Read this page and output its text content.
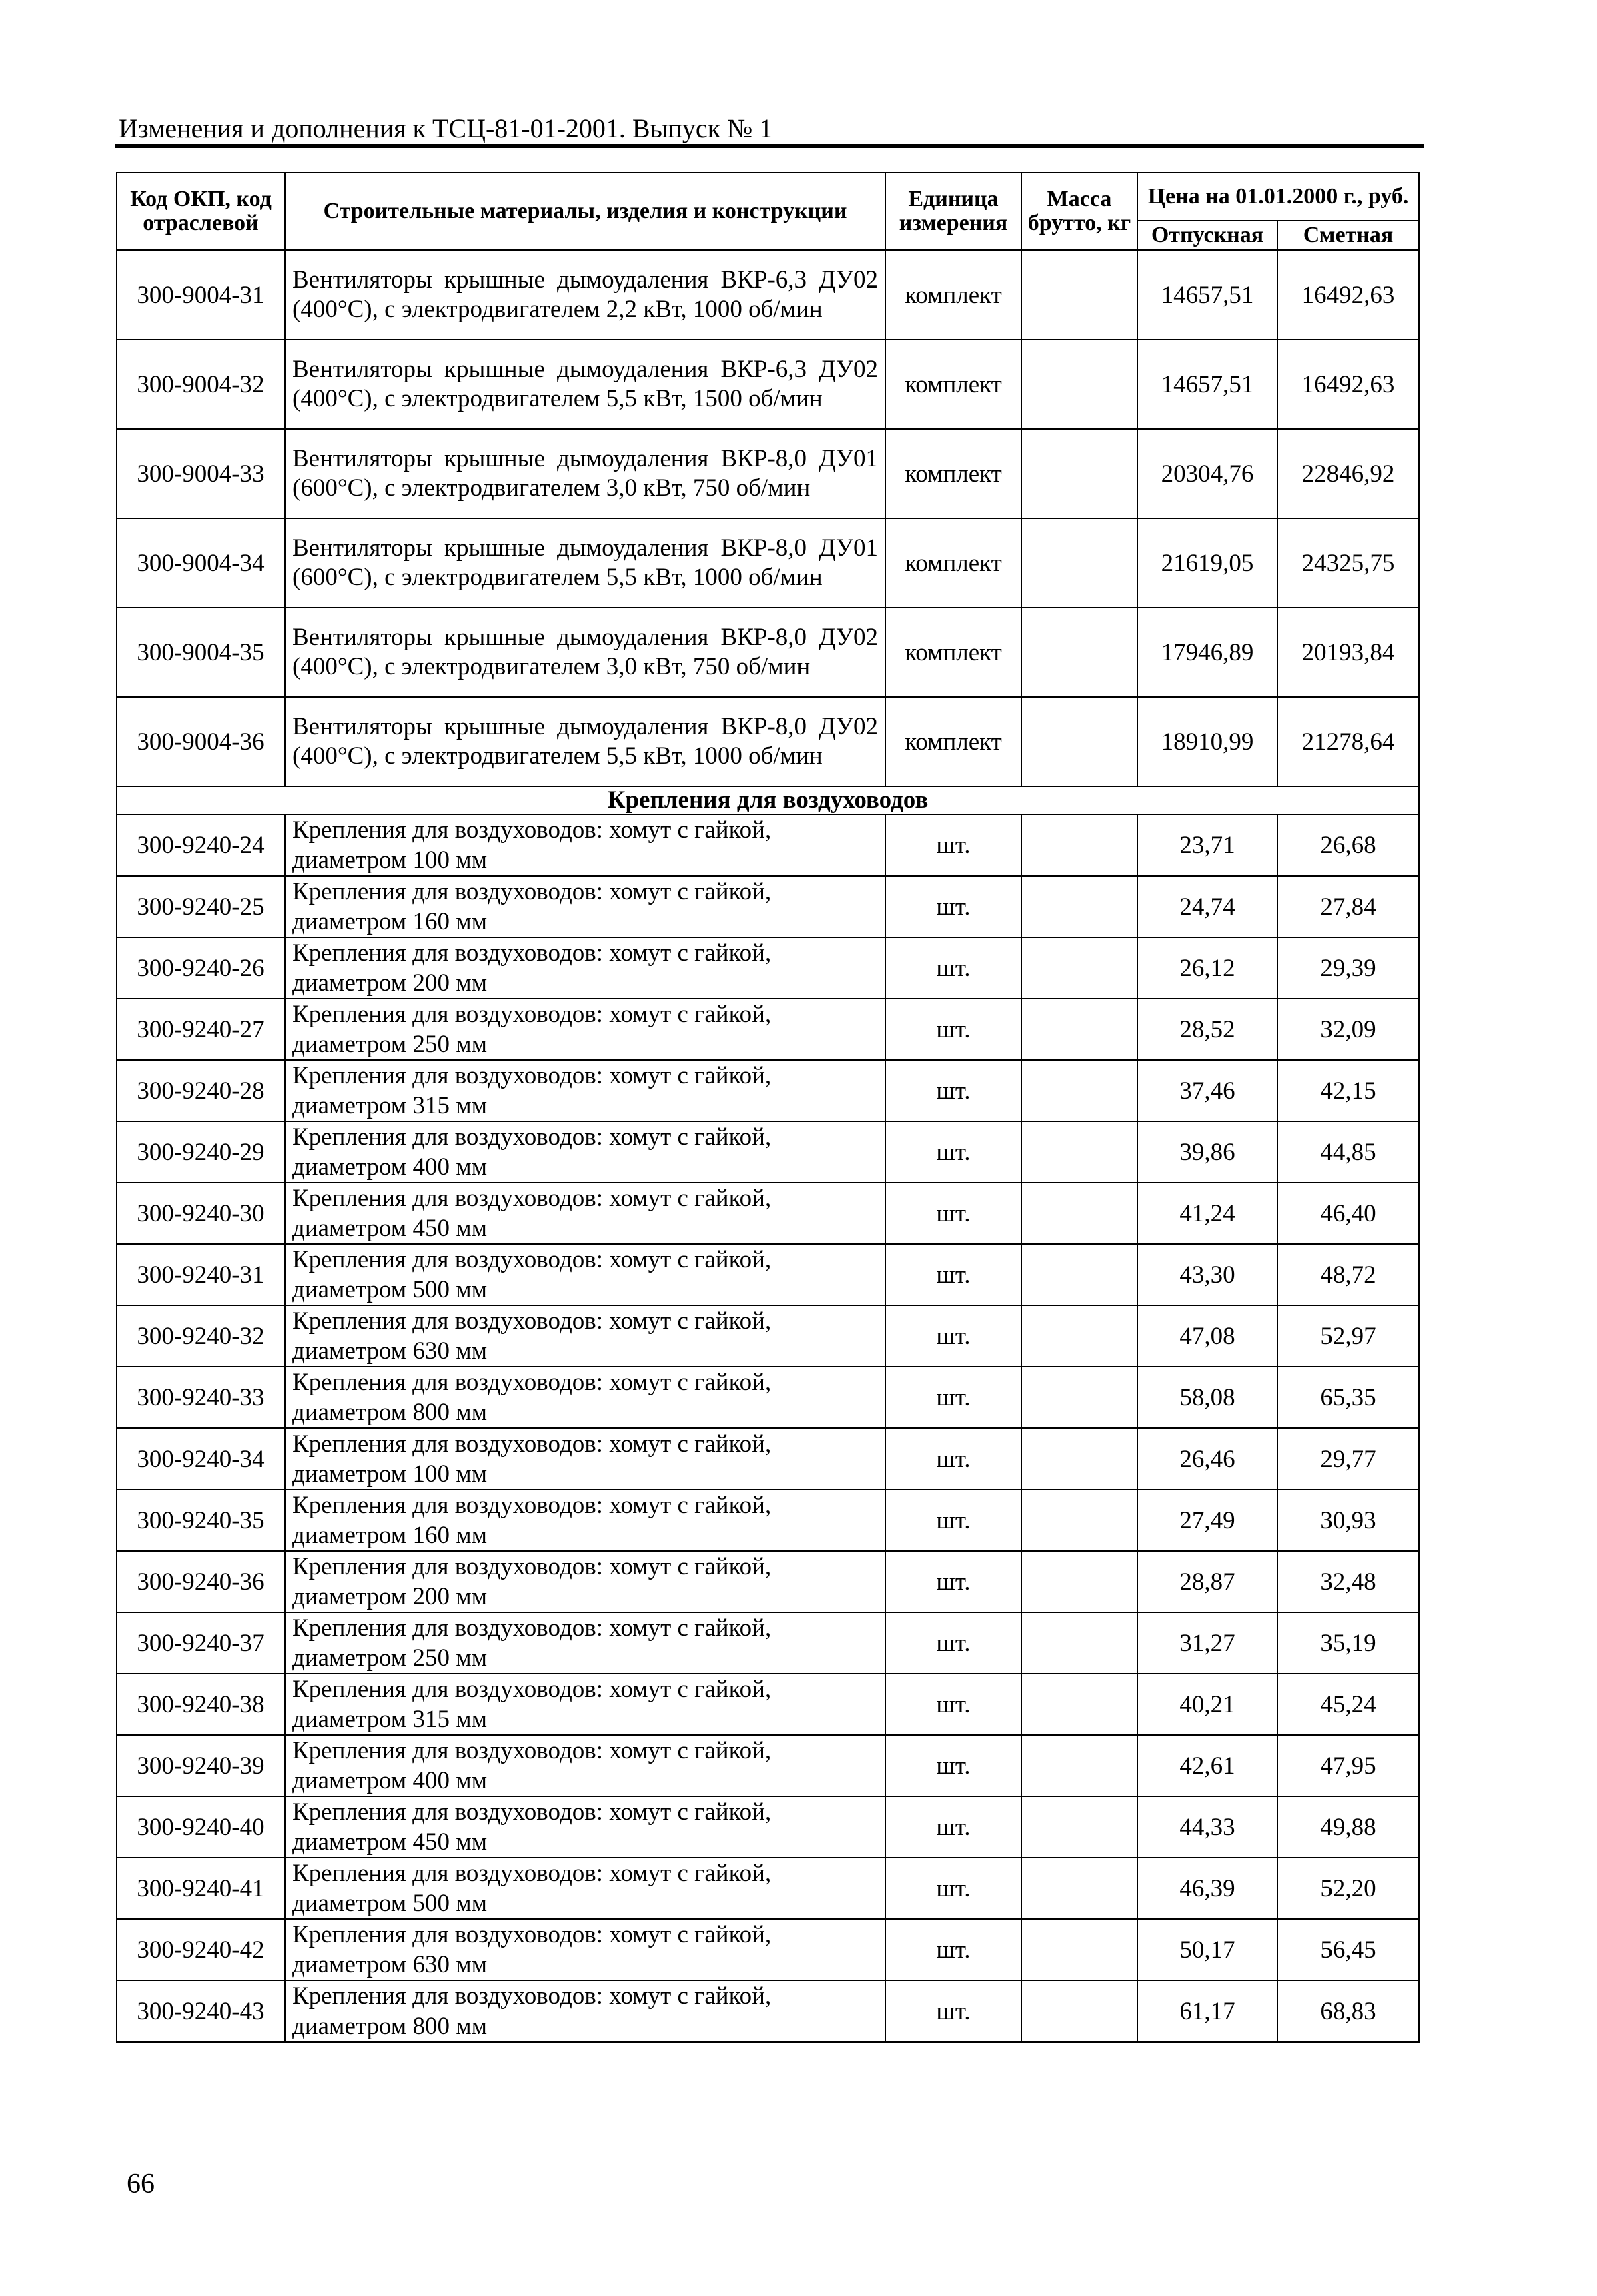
Изменения и дополнения к ТСЦ-81-01-2001. Выпуск № 1
Код ОКП, код отраслевой	Строительные материалы, изделия и конструкции	Единица измерения	Масса брутто, кг	Цена на 01.01.2000 г., руб.	
				Отпускная	Сметная
300-9004-31	Вентиляторы крышные дымоудаления ВКР-6,3 ДУ02 (400°С), с электродвигателем 2,2 кВт, 1000 об/мин	комплект		14657,51	16492,63
300-9004-32	Вентиляторы крышные дымоудаления ВКР-6,3 ДУ02 (400°С), с электродвигателем 5,5 кВт, 1500 об/мин	комплект		14657,51	16492,63
300-9004-33	Вентиляторы крышные дымоудаления ВКР-8,0 ДУ01 (600°С), с электродвигателем 3,0 кВт, 750 об/мин	комплект		20304,76	22846,92
300-9004-34	Вентиляторы крышные дымоудаления ВКР-8,0 ДУ01 (600°С), с электродвигателем 5,5 кВт, 1000 об/мин	комплект		21619,05	24325,75
300-9004-35	Вентиляторы крышные дымоудаления ВКР-8,0 ДУ02 (400°С), с электродвигателем 3,0 кВт, 750 об/мин	комплект		17946,89	20193,84
300-9004-36	Вентиляторы крышные дымоудаления ВКР-8,0 ДУ02 (400°С), с электродвигателем 5,5 кВт, 1000 об/мин	комплект		18910,99	21278,64
Крепления для воздуховодов					
300-9240-24	Крепления для воздуховодов: хомут с гайкой, диаметром 100 мм	шт.		23,71	26,68
300-9240-25	Крепления для воздуховодов: хомут с гайкой, диаметром 160 мм	шт.		24,74	27,84
300-9240-26	Крепления для воздуховодов: хомут с гайкой, диаметром 200 мм	шт.		26,12	29,39
300-9240-27	Крепления для воздуховодов: хомут с гайкой, диаметром 250 мм	шт.		28,52	32,09
300-9240-28	Крепления для воздуховодов: хомут с гайкой, диаметром 315 мм	шт.		37,46	42,15
300-9240-29	Крепления для воздуховодов: хомут с гайкой, диаметром 400 мм	шт.		39,86	44,85
300-9240-30	Крепления для воздуховодов: хомут с гайкой, диаметром 450 мм	шт.		41,24	46,40
300-9240-31	Крепления для воздуховодов: хомут с гайкой, диаметром 500 мм	шт.		43,30	48,72
300-9240-32	Крепления для воздуховодов: хомут с гайкой, диаметром 630 мм	шт.		47,08	52,97
300-9240-33	Крепления для воздуховодов: хомут с гайкой, диаметром 800 мм	шт.		58,08	65,35
300-9240-34	Крепления для воздуховодов: хомут с гайкой, диаметром 100 мм	шт.		26,46	29,77
300-9240-35	Крепления для воздуховодов: хомут с гайкой, диаметром 160 мм	шт.		27,49	30,93
300-9240-36	Крепления для воздуховодов: хомут с гайкой, диаметром 200 мм	шт.		28,87	32,48
300-9240-37	Крепления для воздуховодов: хомут с гайкой, диаметром 250 мм	шт.		31,27	35,19
300-9240-38	Крепления для воздуховодов: хомут с гайкой, диаметром 315 мм	шт.		40,21	45,24
300-9240-39	Крепления для воздуховодов: хомут с гайкой, диаметром 400 мм	шт.		42,61	47,95
300-9240-40	Крепления для воздуховодов: хомут с гайкой, диаметром 450 мм	шт.		44,33	49,88
300-9240-41	Крепления для воздуховодов: хомут с гайкой, диаметром 500 мм	шт.		46,39	52,20
300-9240-42	Крепления для воздуховодов: хомут с гайкой, диаметром 630 мм	шт.		50,17	56,45
300-9240-43	Крепления для воздуховодов: хомут с гайкой, диаметром 800 мм	шт.		61,17	68,83
66
